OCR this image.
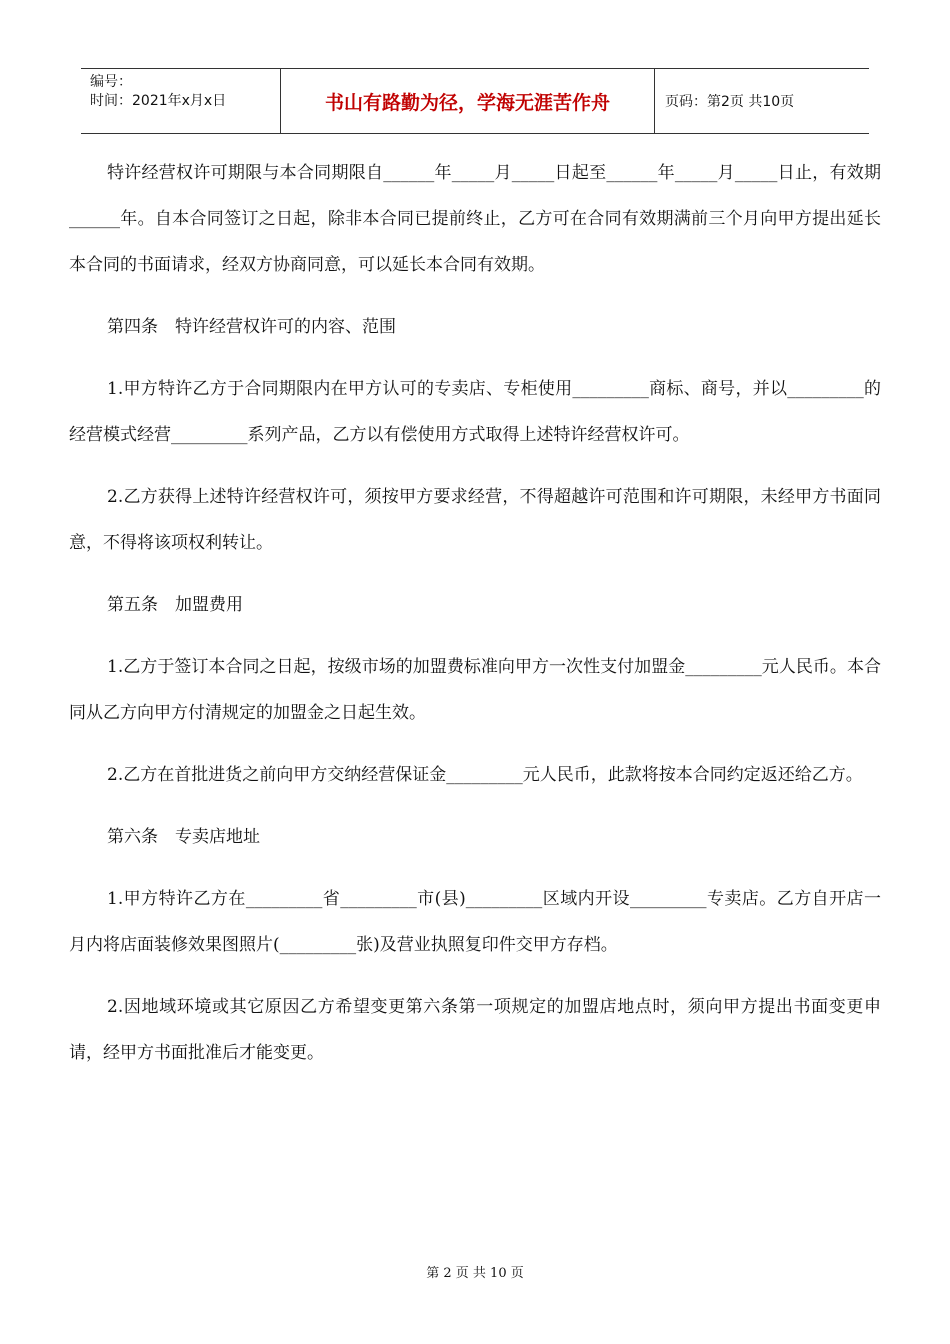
编号：
时间：2021年x月x日	书山有路勤为径，学海无涯苦作舟	页码：第2页 共10页

特许经营权许可期限与本合同期限自______年_____月_____日起至______年_____月_____日止，有效期______年。自本合同签订之日起，除非本合同已提前终止，乙方可在合同有效期满前三个月向甲方提出延长本合同的书面请求，经双方协商同意，可以延长本合同有效期。

第四条　特许经营权许可的内容、范围

1.甲方特许乙方于合同期限内在甲方认可的专卖店、专柜使用_________商标、商号，并以_________的经营模式经营_________系列产品，乙方以有偿使用方式取得上述特许经营权许可。

2.乙方获得上述特许经营权许可，须按甲方要求经营，不得超越许可范围和许可期限，未经甲方书面同意，不得将该项权利转让。

第五条　加盟费用

1.乙方于签订本合同之日起，按级市场的加盟费标准向甲方一次性支付加盟金_________元人民币。本合同从乙方向甲方付清规定的加盟金之日起生效。

2.乙方在首批进货之前向甲方交纳经营保证金_________元人民币，此款将按本合同约定返还给乙方。

第六条　专卖店地址

1.甲方特许乙方在_________省_________市(县)_________区域内开设_________专卖店。乙方自开店一月内将店面装修效果图照片(_________张)及营业执照复印件交甲方存档。

2.因地域环境或其它原因乙方希望变更第六条第一项规定的加盟店地点时，须向甲方提出书面变更申请，经甲方书面批准后才能变更。

第 2 页 共 10 页
